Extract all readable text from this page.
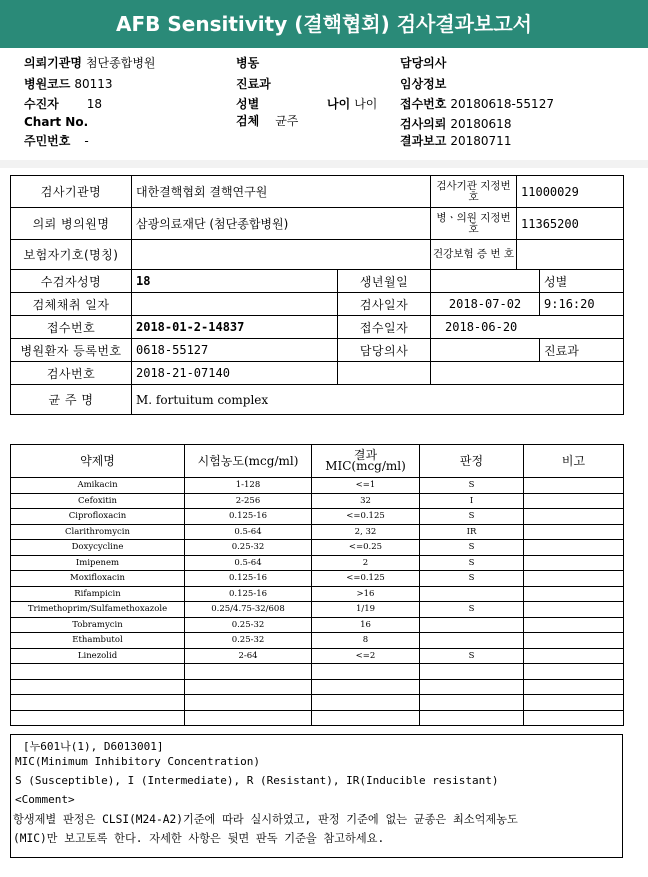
AFB Sensitivity (결핵협회) 검사결과보고서
의뢰기관명 첨단종합병원
병원코드 80113
수진자 18
Chart No.
주민번호 -
병동
진료과
성별
검체 균주
나이 나이
담당의사
임상정보
접수번호 20180618-55127
검사의뢰 20180618
결과보고 20180711
검사기관명	대한결핵협회 결핵연구원		검사기관 지정번호	11000029	
의뢰 병의원명	삼광의료재단 (첨단종합병원)		병ㆍ의원 지정번호	11365200	
보험자기호(명칭)			건강보험 증 번 호		
수검자성명	18	생년월일			성별
검체채취 일자		검사일자	2018-07-02		9:16:20
접수번호	2018-01-2-14837	접수일자	2018-06-20		
병원환자 등록번호	0618-55127	담당의사			진료과
검사번호	2018-21-07140				
균 주 명	M. fortuitum complex				
약제명	시험농도(mcg/ml)	결과 MIC(mcg/ml)	판정	비고
Amikacin	1-128	<=1	S	
Cefoxitin	2-256	32	I	
Ciprofloxacin	0.125-16	<=0.125	S	
Clarithromycin	0.5-64	2, 32	IR	
Doxycycline	0.25-32	<=0.25	S	
Imipenem	0.5-64	2	S	
Moxifloxacin	0.125-16	<=0.125	S	
Rifampicin	0.125-16	>16		
Trimethoprim/Sulfamethoxazole	0.25/4.75-32/608	1/19	S	
Tobramycin	0.25-32	16		
Ethambutol	0.25-32	8		
Linezolid	2-64	<=2	S	

[누601나(1), D6013001]
MIC(Minimum Inhibitory Concentration)
S (Susceptible), I (Intermediate), R (Resistant), IR(Inducible resistant)
<Comment>
항생제별 판정은 CLSI(M24-A2)기준에 따라 실시하였고, 판정 기준에 없는 균종은 최소억제농도
(MIC)만 보고토록 한다. 자세한 사항은 뒷면 판독 기준을 참고하세요.
